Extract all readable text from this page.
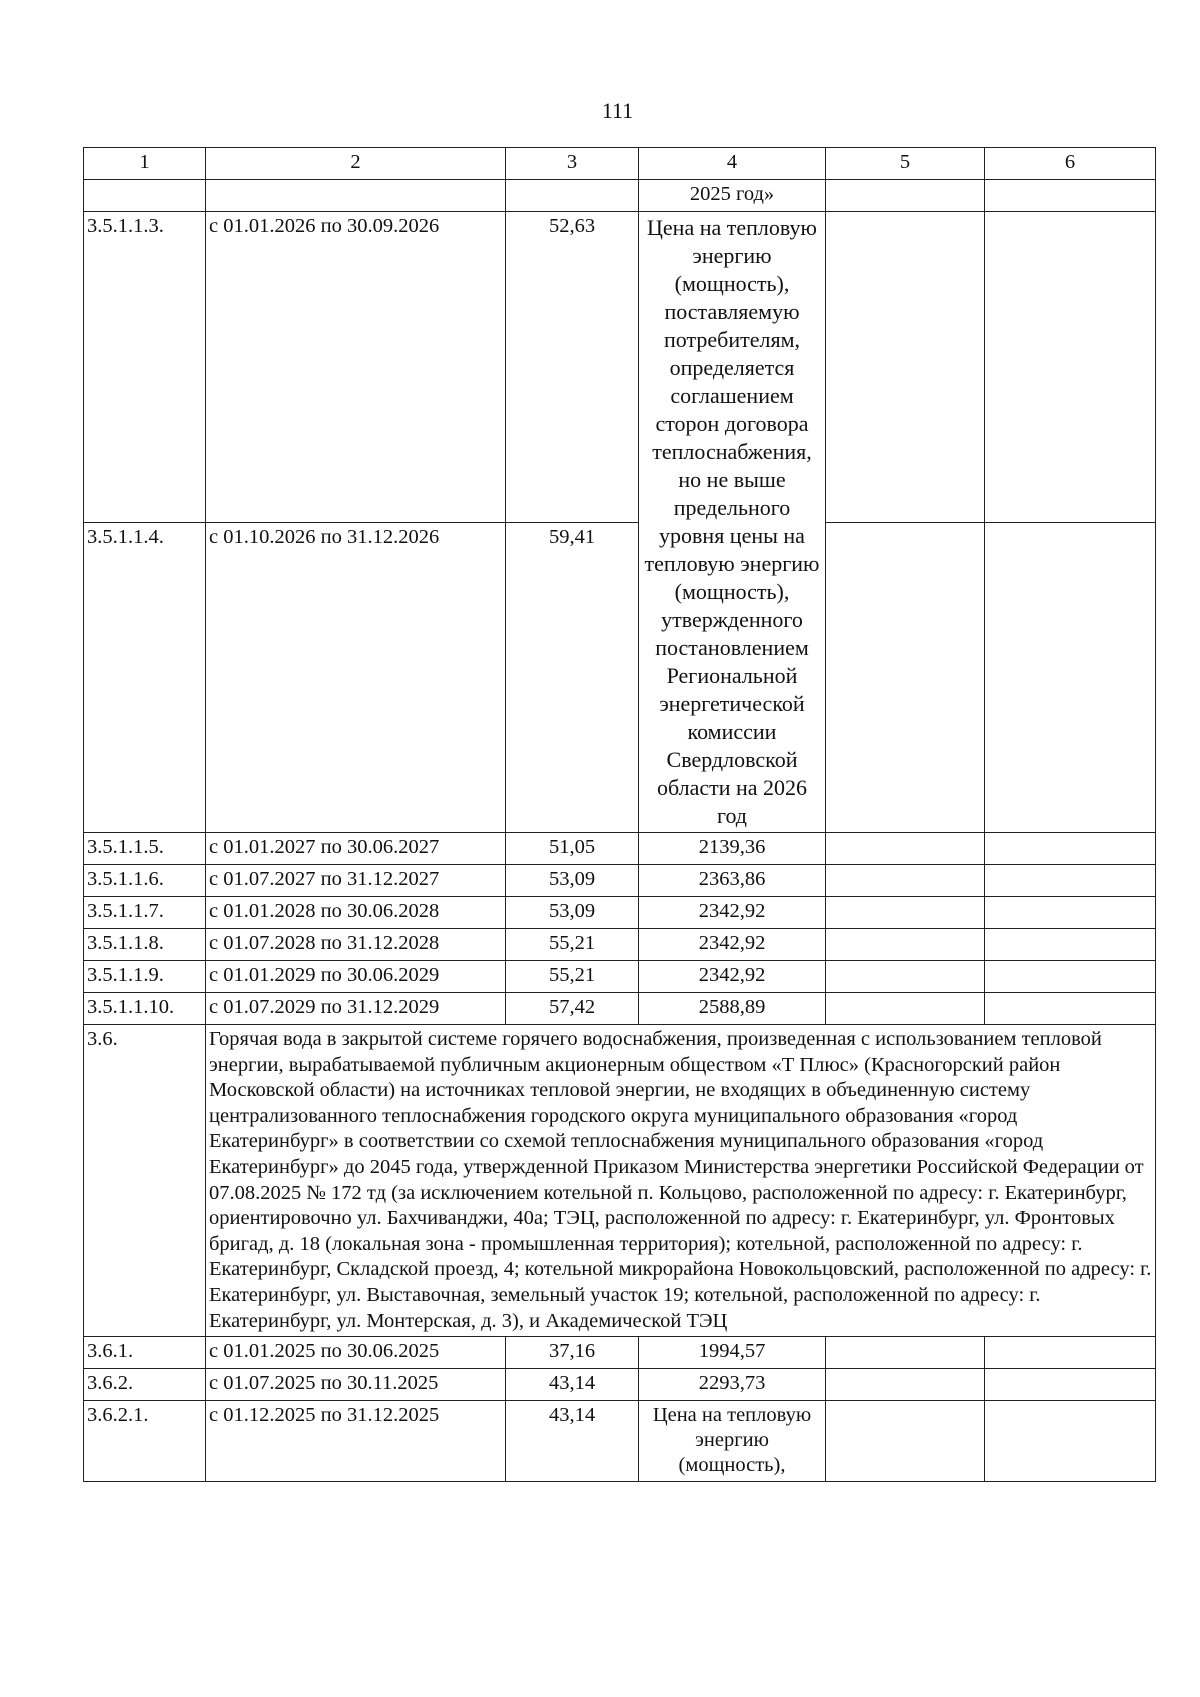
111
1	2	3	4	5	6
			2025 год»		
3.5.1.1.3.	с 01.01.2026 по 30.09.2026	52,63	Цена на тепловую энергию (мощность), поставляемую потребителям, определяется соглашением сторон договора теплоснабжения, но не выше предельного уровня цены на тепловую энергию (мощность), утвержденного постановлением Региональной энергетической комиссии Свердловской области на 2026 год		
3.5.1.1.4.	с 01.10.2026 по 31.12.2026	59,41			
3.5.1.1.5.	с 01.01.2027 по 30.06.2027	51,05	2139,36		
3.5.1.1.6.	с 01.07.2027 по 31.12.2027	53,09	2363,86		
3.5.1.1.7.	с 01.01.2028 по 30.06.2028	53,09	2342,92		
3.5.1.1.8.	с 01.07.2028 по 31.12.2028	55,21	2342,92		
3.5.1.1.9.	с 01.01.2029 по 30.06.2029	55,21	2342,92		
3.5.1.1.10.	с 01.07.2029 по 31.12.2029	57,42	2588,89		
3.6.	Горячая вода в закрытой системе горячего водоснабжения, произведенная с использованием тепловой энергии, вырабатываемой публичным акционерным обществом «Т Плюс» (Красногорский район Московской области) на источниках тепловой энергии, не входящих в объединенную систему централизованного теплоснабжения городского округа муниципального образования «город Екатеринбург» в соответствии со схемой теплоснабжения муниципального образования «город Екатеринбург» до 2045 года, утвержденной Приказом Министерства энергетики Российской Федерации от 07.08.2025 № 172 тд (за исключением котельной п. Кольцово, расположенной по адресу: г. Екатеринбург, ориентировочно ул. Бахчиванджи, 40а; ТЭЦ, расположенной по адресу: г. Екатеринбург, ул. Фронтовых бригад, д. 18 (локальная зона - промышленная территория); котельной, расположенной по адресу: г. Екатеринбург, Складской проезд, 4; котельной микрорайона Новокольцовский, расположенной по адресу: г. Екатеринбург, ул. Выставочная, земельный участок 19; котельной, расположенной по адресу: г. Екатеринбург, ул. Монтерская, д. 3), и Академической ТЭЦ				
3.6.1.	с 01.01.2025 по 30.06.2025	37,16	1994,57		
3.6.2.	с 01.07.2025 по 30.11.2025	43,14	2293,73		
3.6.2.1.	с 01.12.2025 по 31.12.2025	43,14	Цена на тепловую энергию (мощность),		
